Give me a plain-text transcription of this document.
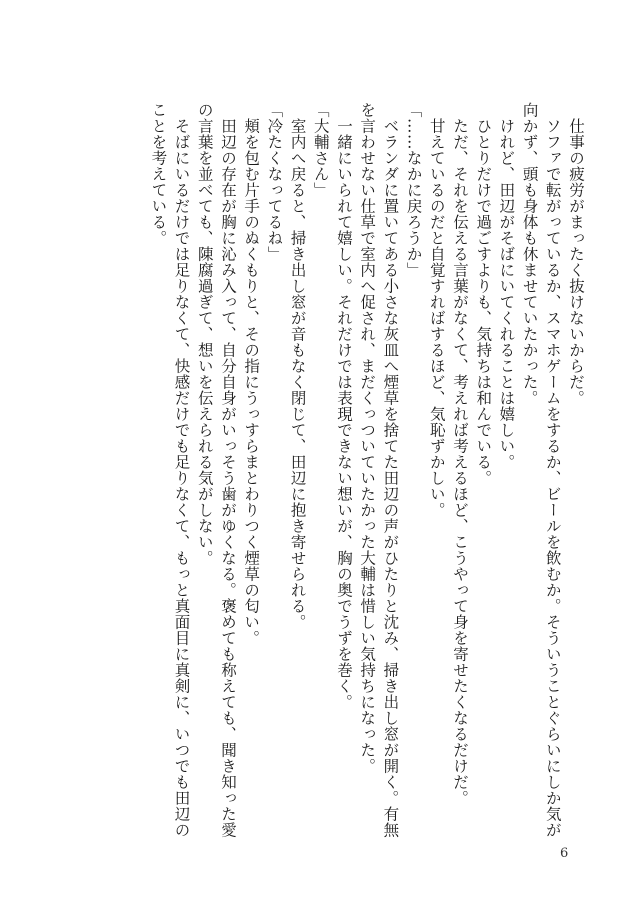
　仕事の疲労がまったく抜けないからだ。
　ソファで転がっているか、スマホゲームをするか、ビールを飲むか。そういうことぐらいにしか気が
向かず、頭も身体も休ませていたかった。
　けれど、田辺がそばにいてくれることは嬉しい。
　ひとりだけで過ごすよりも、気持ちは和んでいる。
　ただ、それを伝える言葉がなくて、考えれば考えるほど、こうやって身を寄せたくなるだけだ。
　甘えているのだと自覚すればするほど、気恥ずかしい。
「……なかに戻ろうか」
　ベランダに置いてある小さな灰皿へ煙草を捨てた田辺の声がひたりと沈み、掃き出し窓が開く。有無
を言わせない仕草で室内へ促され、まだくっついていたかった大輔は惜しい気持ちになった。
　一緒にいられて嬉しい。それだけでは表現できない想いが、胸の奥でうずを巻く。
「大輔さん」
　室内へ戻ると、掃き出し窓が音もなく閉じて、田辺に抱き寄せられる。
「冷たくなってるね」
　頬を包む片手のぬくもりと、その指にうっすらまとわりつく煙草の匂い。
　田辺の存在が胸に沁み入って、自分自身がいっそう歯がゆくなる。褒めても称えても、聞き知った愛
の言葉を並べても、陳腐過ぎて、想いを伝えられる気がしない。
　そばにいるだけでは足りなくて、快感だけでも足りなくて、もっと真面目に真剣に、いつでも田辺の
ことを考えている。
6
